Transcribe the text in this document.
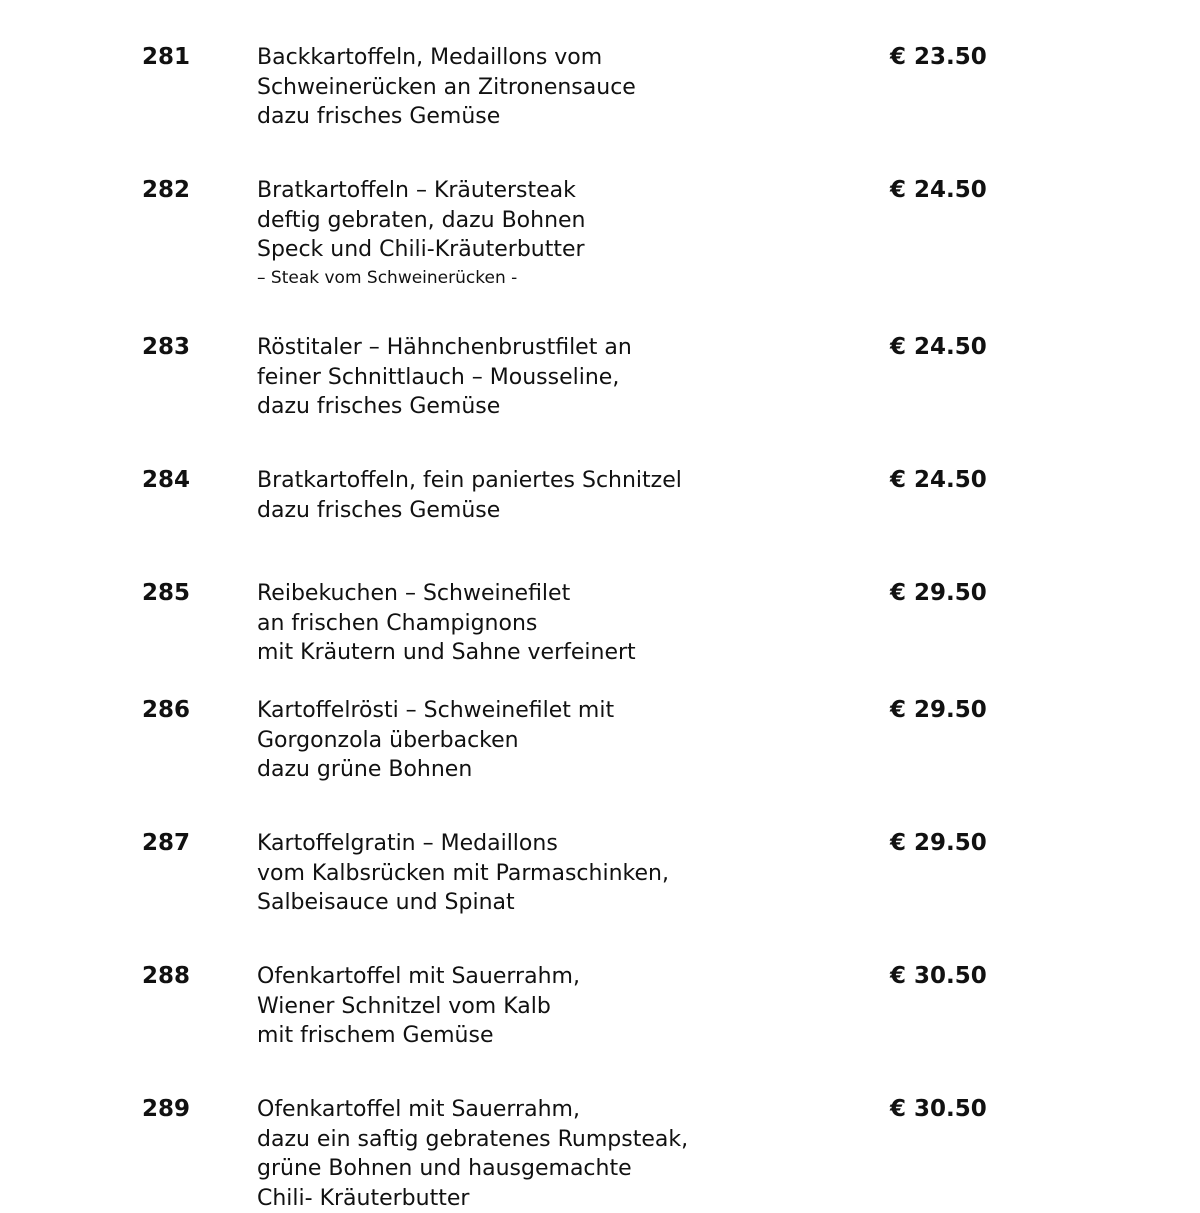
281	Backkartoffeln, Medaillons vom
Schweinerücken an Zitronensauce
dazu frisches Gemüse
€ 23.50
282	Bratkartoffeln – Kräutersteak
deftig gebraten, dazu Bohnen
Speck und Chili-Kräuterbutter
– Steak vom Schweinerücken -
€ 24.50
283	Röstitaler – Hähnchenbrustfilet an
feiner Schnittlauch – Mousseline,
dazu frisches Gemüse
€ 24.50
284	Bratkartoffeln, fein paniertes Schnitzel
dazu frisches Gemüse
€ 24.50
285	Reibekuchen – Schweinefilet
an frischen Champignons
mit Kräutern und Sahne verfeinert
€ 29.50
286	Kartoffelrösti – Schweinefilet mit
Gorgonzola überbacken
dazu grüne Bohnen
€ 29.50
287	Kartoffelgratin – Medaillons
vom Kalbsrücken mit Parmaschinken,
Salbeisauce und Spinat
€ 29.50
288	Ofenkartoffel mit Sauerrahm,
Wiener Schnitzel vom Kalb
mit frischem Gemüse
€ 30.50
289	Ofenkartoffel mit Sauerrahm,
dazu ein saftig gebratenes Rumpsteak,
grüne Bohnen und hausgemachte
Chili- Kräuterbutter
€ 30.50
